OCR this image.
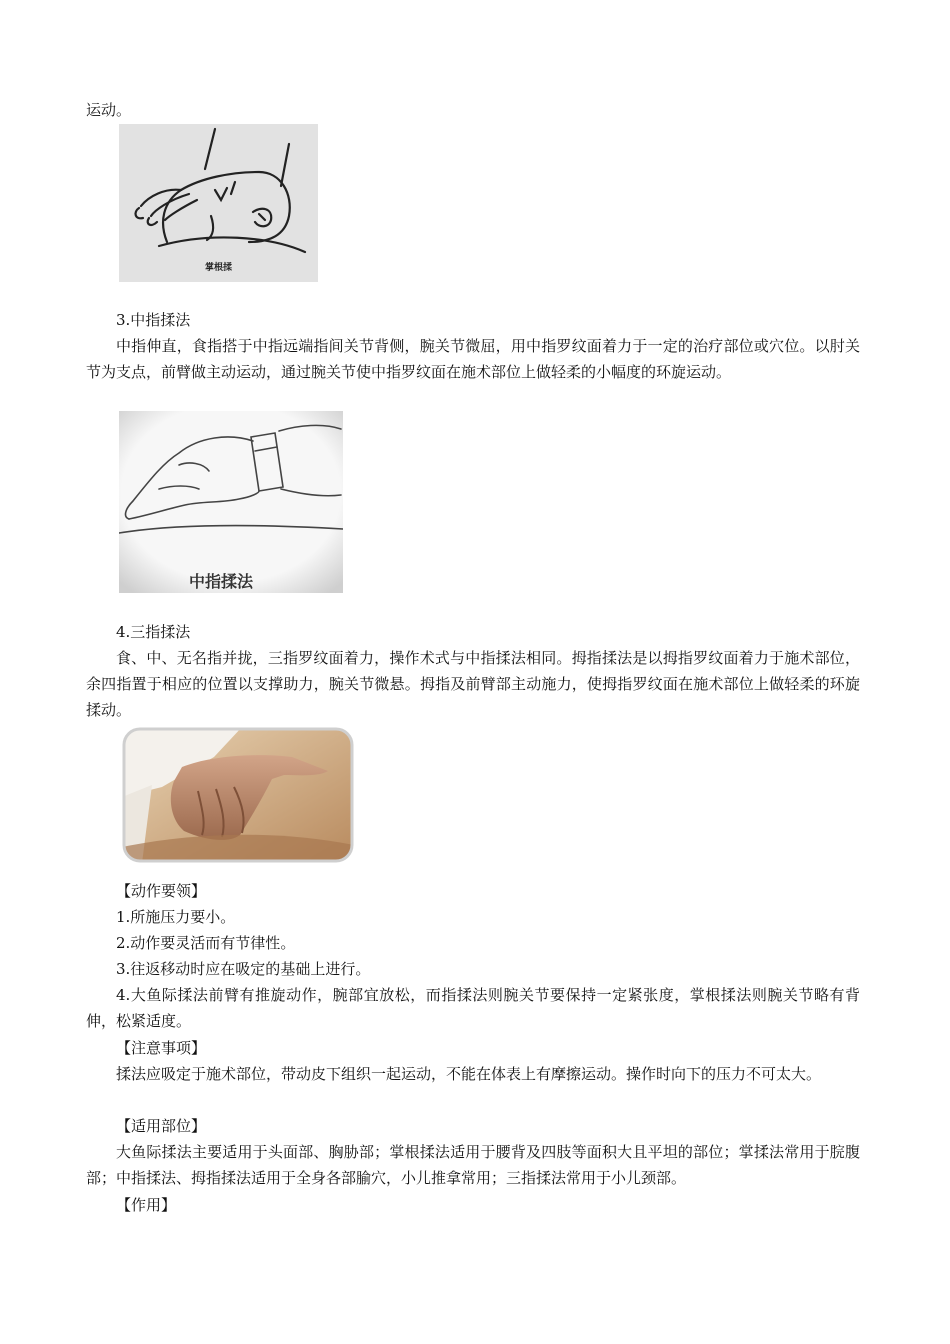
运动。

掌根揉

3.中指揉法

中指伸直，食指搭于中指远端指间关节背侧，腕关节微屈，用中指罗纹面着力于一定的治疗部位或穴位。以肘关节为支点，前臂做主动运动，通过腕关节使中指罗纹面在施术部位上做轻柔的小幅度的环旋运动。

中指揉法

4.三指揉法

食、中、无名指并拢，三指罗纹面着力，操作术式与中指揉法相同。拇指揉法是以拇指罗纹面着力于施术部位，余四指置于相应的位置以支撑助力，腕关节微悬。拇指及前臂部主动施力，使拇指罗纹面在施术部位上做轻柔的环旋揉动。

【动作要领】

1.所施压力要小。

2.动作要灵活而有节律性。

3.往返移动时应在吸定的基础上进行。

4.大鱼际揉法前臂有推旋动作，腕部宜放松，而指揉法则腕关节要保持一定紧张度，掌根揉法则腕关节略有背伸，松紧适度。

【注意事项】

揉法应吸定于施术部位，带动皮下组织一起运动，不能在体表上有摩擦运动。操作时向下的压力不可太大。

【适用部位】

大鱼际揉法主要适用于头面部、胸胁部；掌根揉法适用于腰背及四肢等面积大且平坦的部位；掌揉法常用于脘腹部；中指揉法、拇指揉法适用于全身各部腧穴，小儿推拿常用；三指揉法常用于小儿颈部。

【作用】
